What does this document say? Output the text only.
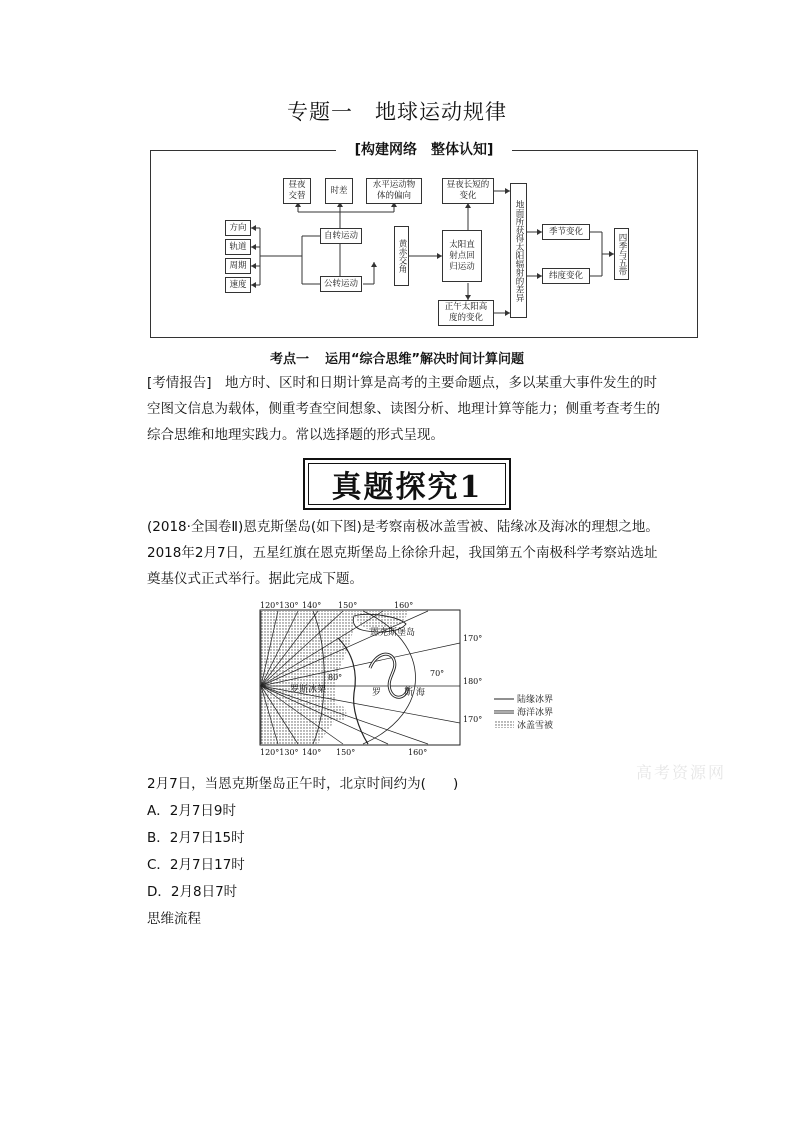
专题一 地球运动规律
[构建网络 整体认知]
方向
轨道
周期
速度
昼夜交替
时差
水平运动物体的偏向
自转运动
公转运动
黄赤交角	太阳直射点回归运动
昼夜长短的变化
正午太阳高度的变化
地面所获得太阳辐射的差异	季节变化
纬度变化
四季与五带
考点一 运用“综合思维”解决时间计算问题
[考情报告]　地方时、区时和日期计算是高考的主要命题点，多以某重大事件发生的时空图文信息为载体，侧重考查空间想象、读图分析、地理计算等能力；侧重考查考生的综合思维和地理实践力。常以选择题的形式呈现。
真题探究1
(2018·全国卷Ⅱ)恩克斯堡岛(如下图)是考察南极冰盖雪被、陆缘冰及海冰的理想之地。2018年2月7日，五星红旗在恩克斯堡岛上徐徐升起，我国第五个南极科学考察站选址奠基仪式正式举行。据此完成下题。
120°130° 140° 150°	160°
120°130° 140° 150°	160°
170°
180°
170°
70°
80°
恩克斯堡岛
罗斯冰架	罗	斯 海
陆缘冰界
海洋冰界
冰盖雪被
高考资源网
2月7日，当恩克斯堡岛正午时，北京时间约为(　　)
A．2月7日9时
B．2月7日15时
C．2月7日17时
D．2月8日7时
思维流程
